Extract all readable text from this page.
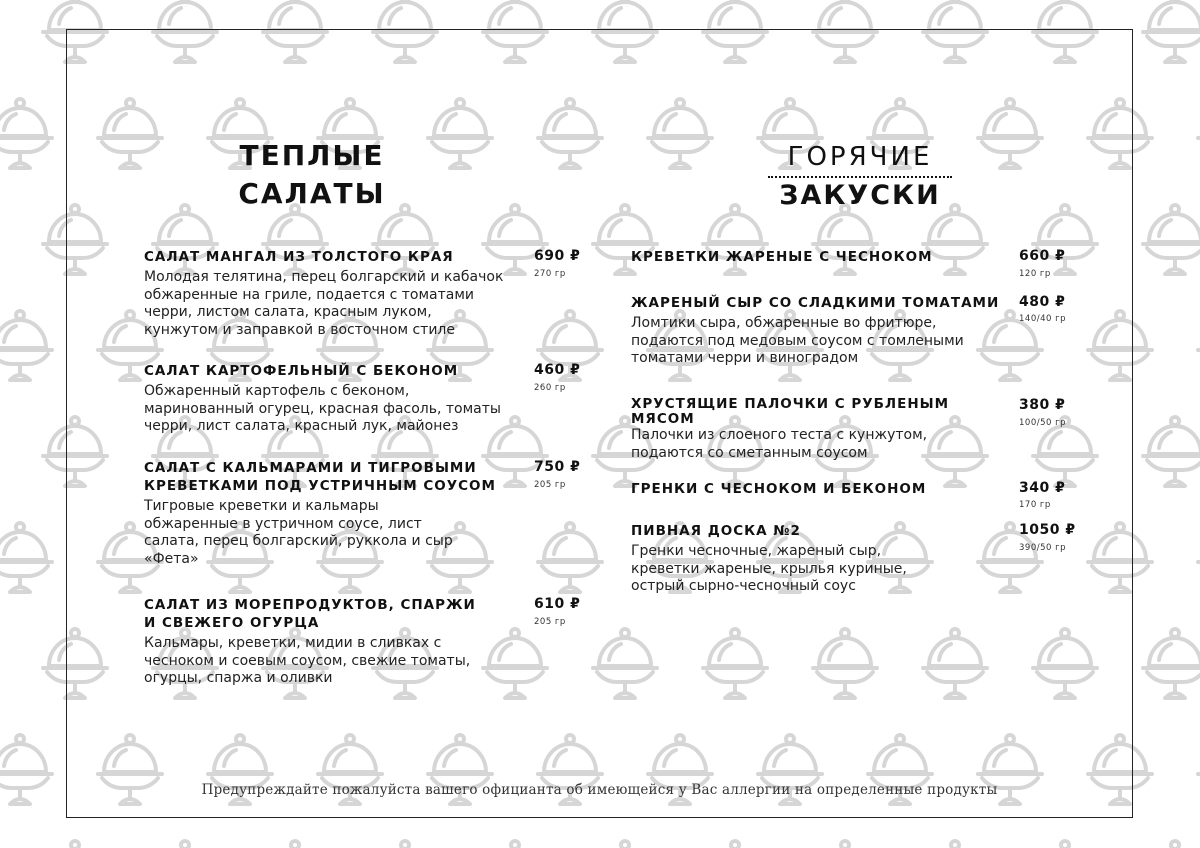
ТЕПЛЫЕ
САЛАТЫ
ГОРЯЧИЕ
ЗАКУСКИ
САЛАТ МАНГАЛ ИЗ ТОЛСТОГО КРАЯ
Молодая телятина, перец болгарский и кабачок
обжаренные на гриле, подается с томатами
черри, листом салата, красным луком,
кунжутом и заправкой в восточном стиле
690 ₽
270 гр
САЛАТ КАРТОФЕЛЬНЫЙ С БЕКОНОМ
Обжаренный картофель с беконом,
маринованный огурец, красная фасоль, томаты
черри, лист салата, красный лук, майонез
460 ₽
260 гр
САЛАТ С КАЛЬМАРАМИ И ТИГРОВЫМИ
КРЕВЕТКАМИ ПОД УСТРИЧНЫМ СОУСОМ
Тигровые креветки и кальмары
обжаренные в устричном соусе, лист
салата, перец болгарский, руккола и сыр
«Фета»
750 ₽
205 гр
САЛАТ ИЗ МОРЕПРОДУКТОВ, СПАРЖИ
И СВЕЖЕГО ОГУРЦА
Кальмары, креветки, мидии в сливках с
чесноком и соевым соусом, свежие томаты,
огурцы, спаржа и оливки
610 ₽
205 гр
КРЕВЕТКИ ЖАРЕНЫЕ С ЧЕСНОКОМ	660 ₽
120 гр
ЖАРЕНЫЙ СЫР СО СЛАДКИМИ ТОМАТАМИ
Ломтики сыра, обжаренные во фритюре,
подаются под медовым соусом с томлеными
томатами черри и виноградом
480 ₽
140/40 гр
ХРУСТЯЩИЕ ПАЛОЧКИ С РУБЛЕНЫМ
МЯСОМ
Палочки из слоеного теста с кунжутом,
подаются со сметанным соусом
380 ₽
100/50 гр
ГРЕНКИ С ЧЕСНОКОМ И БЕКОНОМ	340 ₽
170 гр
ПИВНАЯ ДОСКА №2
Гренки чесночные, жареный сыр,
креветки жареные, крылья куриные,
острый сырно-чесночный соус
1050 ₽
390/50 гр
Предупреждайте пожалуйста вашего официанта об имеющейся у Вас аллергии на определенные продукты
